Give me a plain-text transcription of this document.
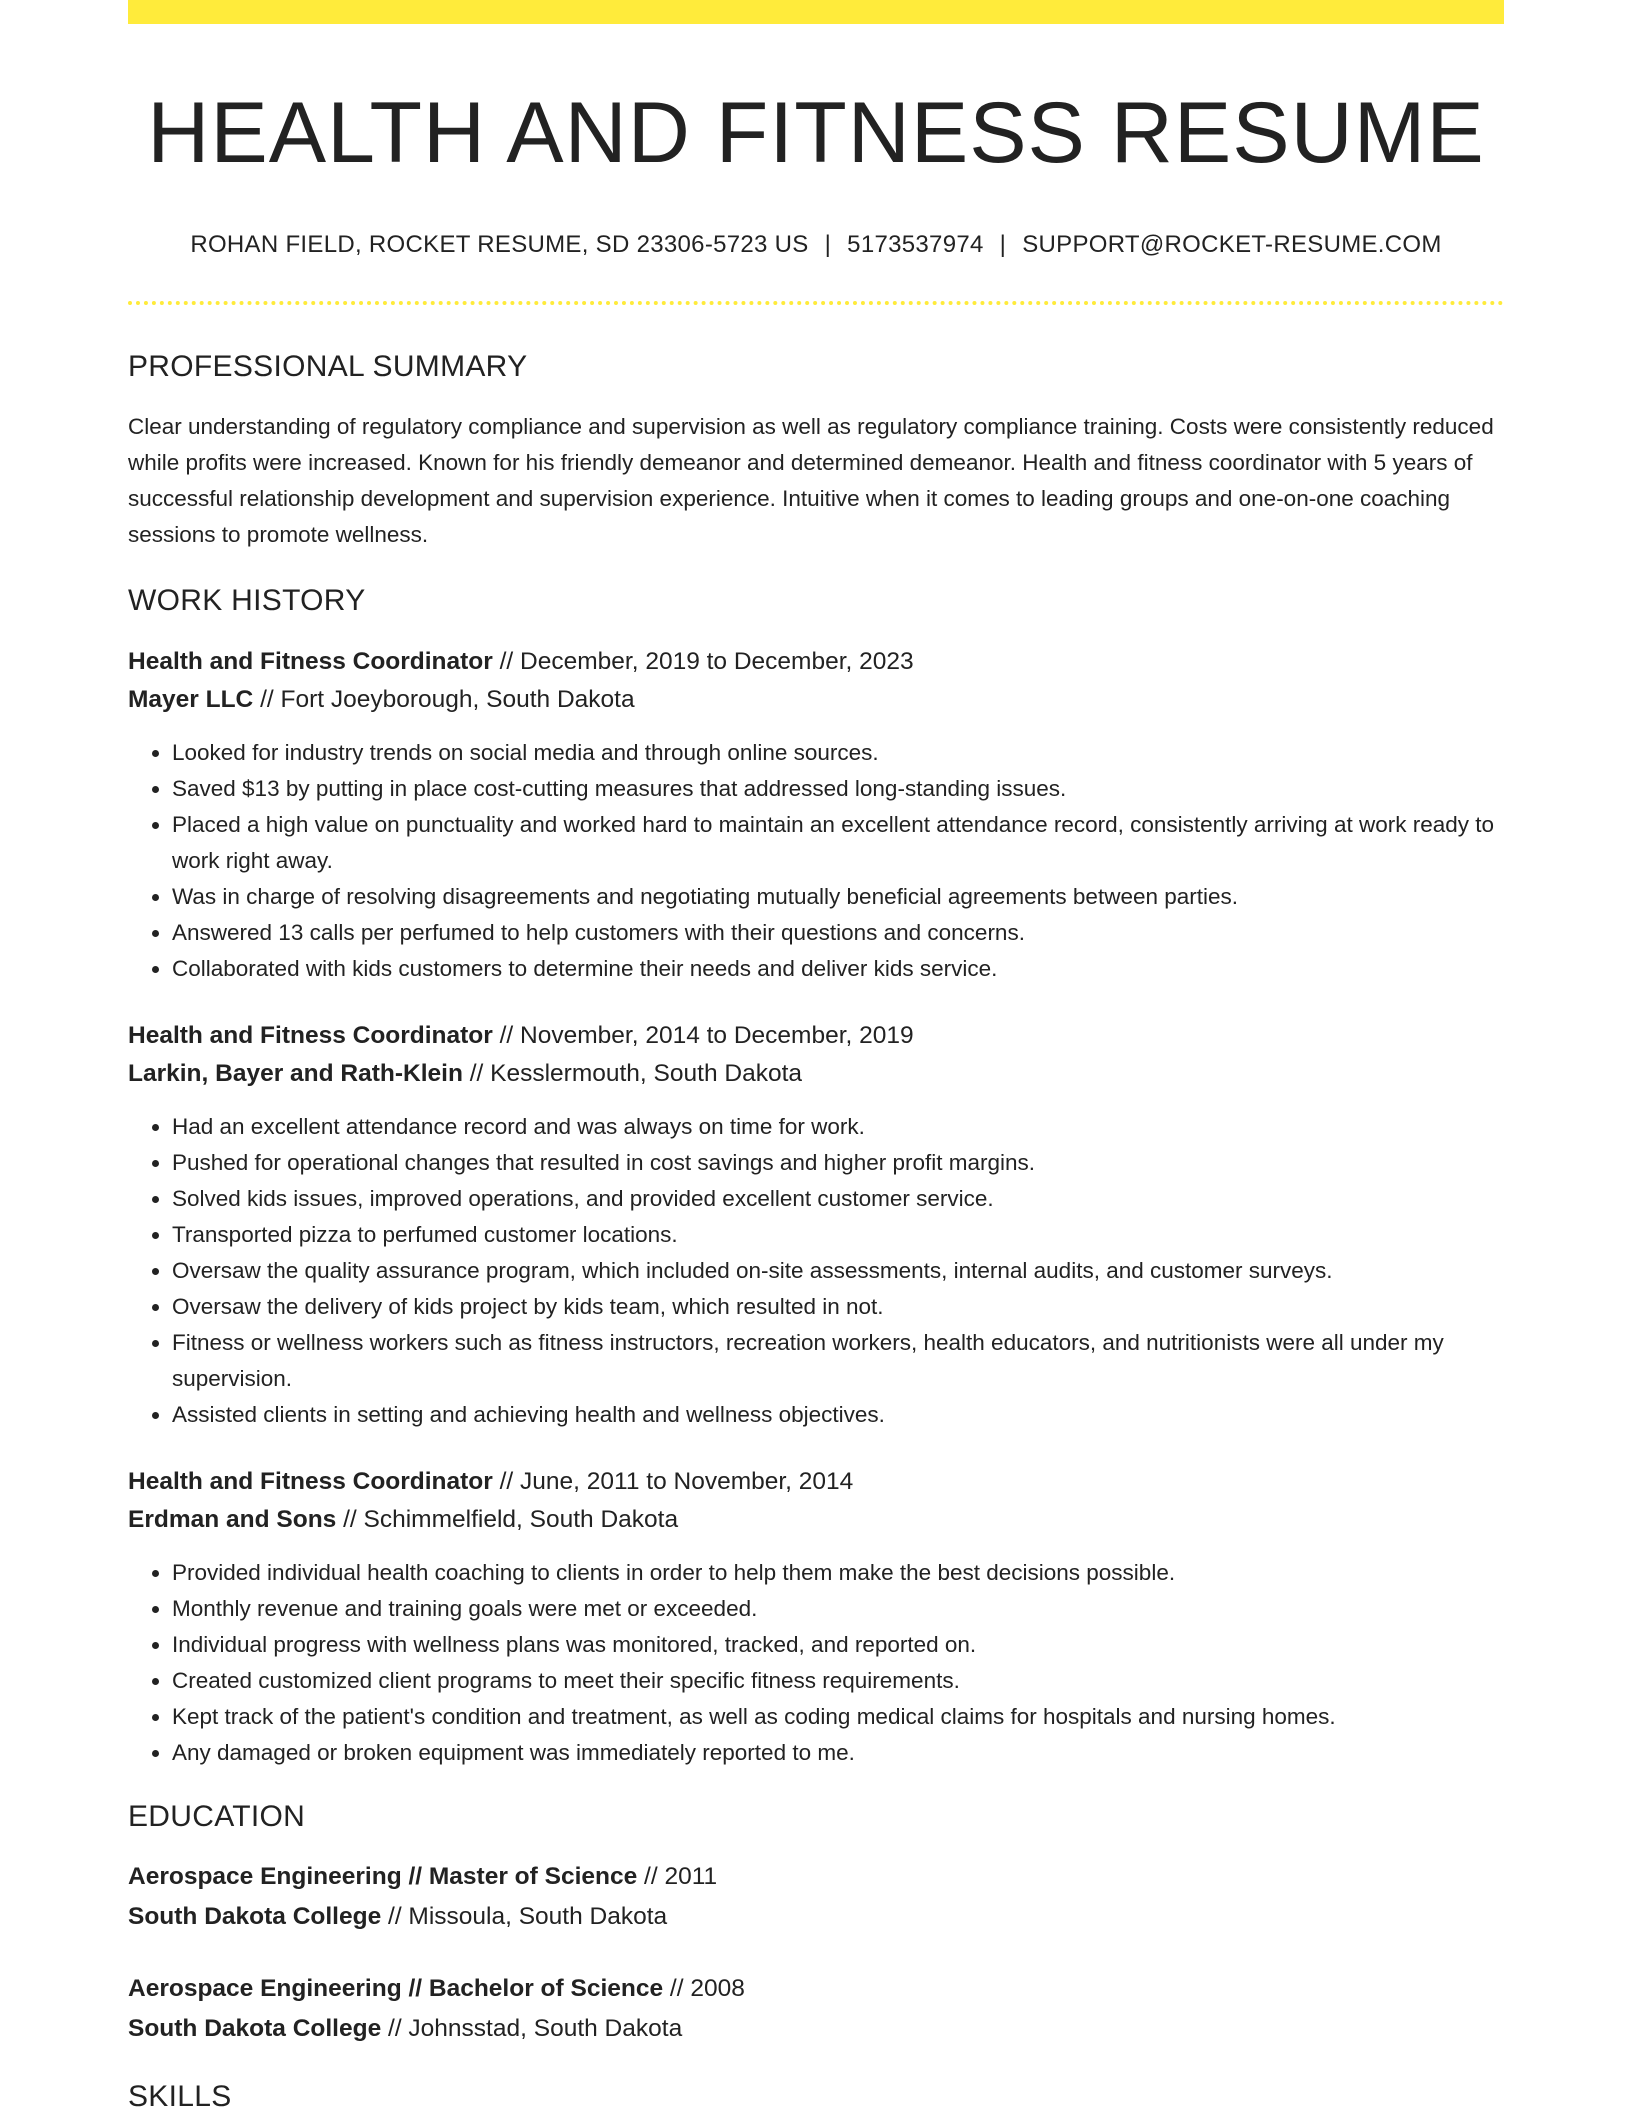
HEALTH AND FITNESS RESUME
ROHAN FIELD, ROCKET RESUME, SD 23306-5723 US | 5173537974 | SUPPORT@ROCKET-RESUME.COM
PROFESSIONAL SUMMARY

Clear understanding of regulatory compliance and supervision as well as regulatory compliance training. Costs were consistently reduced while profits were increased. Known for his friendly demeanor and determined demeanor. Health and fitness coordinator with 5 years of successful relationship development and supervision experience. Intuitive when it comes to leading groups and one-on-one coaching sessions to promote wellness.

WORK HISTORY
Health and Fitness Coordinator // December, 2019 to December, 2023
Mayer LLC // Fort Joeyborough, South Dakota
• Looked for industry trends on social media and through online sources.
• Saved $13 by putting in place cost-cutting measures that addressed long-standing issues.
• Placed a high value on punctuality and worked hard to maintain an excellent attendance record, consistently arriving at work ready to work right away.
• Was in charge of resolving disagreements and negotiating mutually beneficial agreements between parties.
• Answered 13 calls per perfumed to help customers with their questions and concerns.
• Collaborated with kids customers to determine their needs and deliver kids service.
Health and Fitness Coordinator // November, 2014 to December, 2019
Larkin, Bayer and Rath-Klein // Kesslermouth, South Dakota
• Had an excellent attendance record and was always on time for work.
• Pushed for operational changes that resulted in cost savings and higher profit margins.
• Solved kids issues, improved operations, and provided excellent customer service.
• Transported pizza to perfumed customer locations.
• Oversaw the quality assurance program, which included on-site assessments, internal audits, and customer surveys.
• Oversaw the delivery of kids project by kids team, which resulted in not.
• Fitness or wellness workers such as fitness instructors, recreation workers, health educators, and nutritionists were all under my supervision.
• Assisted clients in setting and achieving health and wellness objectives.
Health and Fitness Coordinator // June, 2011 to November, 2014
Erdman and Sons // Schimmelfield, South Dakota
• Provided individual health coaching to clients in order to help them make the best decisions possible.
• Monthly revenue and training goals were met or exceeded.
• Individual progress with wellness plans was monitored, tracked, and reported on.
• Created customized client programs to meet their specific fitness requirements.
• Kept track of the patient's condition and treatment, as well as coding medical claims for hospitals and nursing homes.
• Any damaged or broken equipment was immediately reported to me.
EDUCATION
Aerospace Engineering // Master of Science // 2011
South Dakota College // Missoula, South Dakota
Aerospace Engineering // Bachelor of Science // 2008
South Dakota College // Johnsstad, South Dakota
SKILLS
